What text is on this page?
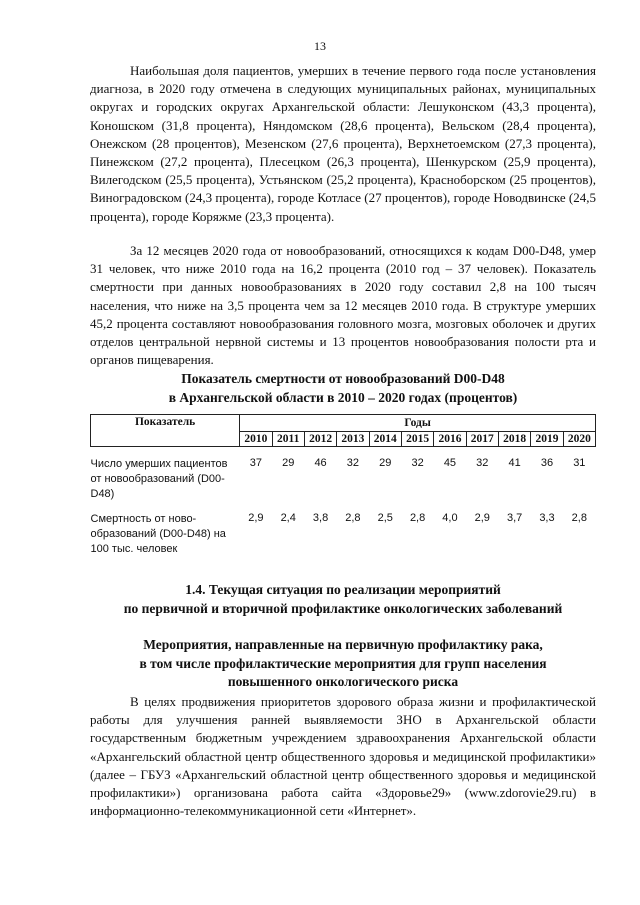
13

Наибольшая доля пациентов, умерших в течение первого года после установления диагноза, в 2020 году отмечена в следующих муниципальных районах, муниципальных округах и городских округах Архангельской области: Лешуконском (43,3 процента), Коношском (31,8 процента), Няндомском (28,6 процента), Вельском (28,4 процента), Онежском (28 процентов), Мезенском (27,6 процента), Верхнетоемском (27,3 процента), Пинежском (27,2 процента), Плесецком (26,3 процента), Шенкурском (25,9 процента), Вилегодском (25,5 процента), Устьянском (25,2 процента), Красноборском (25 процентов), Виноградовском (24,3 процента), городе Котласе (27 процентов), городе Новодвинске (24,5 процента), городе Коряжме (23,3 процента).

За 12 месяцев 2020 года от новообразований, относящихся к кодам D00-D48, умер 31 человек, что ниже 2010 года на 16,2 процента (2010 год – 37 человек). Показатель смертности при данных новообразованиях в 2020 году составил 2,8 на 100 тысяч населения, что ниже на 3,5 процента чем за 12 месяцев 2010 года. В структуре умерших 45,2 процента составляют новообразования головного мозга, мозговых оболочек и других отделов центральной нервной системы и 13 процентов новообразования полости рта и органов пищеварения.

Показатель смертности от новообразований D00-D48
в Архангельской области в 2010 – 2020 годах (процентов)
Показатель	Годы										
	2010	2011	2012	2013	2014	2015	2016	2017	2018	2019	2020
Число умерших пациентов от новообразований (D00-D48)	37	29	46	32	29	32	45	32	41	36	31
Смертность от ново-образований (D00-D48) на 100 тыс. человек	2,9	2,4	3,8	2,8	2,5	2,8	4,0	2,9	3,7	3,3	2,8
1.4. Текущая ситуация по реализации мероприятий
по первичной и вторичной профилактике онкологических заболеваний
Мероприятия, направленные на первичную профилактику рака,
в том числе профилактические мероприятия для групп населения
повышенного онкологического риска

В целях продвижения приоритетов здорового образа жизни и профилактической работы для улучшения ранней выявляемости ЗНО в Архангельской области государственным бюджетным учреждением здравоохранения Архангельской области «Архангельский областной центр общественного здоровья и медицинской профилактики» (далее – ГБУЗ «Архангельский областной центр общественного здоровья и медицинской профилактики») организована работа сайта «Здоровье29» (www.zdorovie29.ru) в информационно-телекоммуникационной сети «Интернет».
